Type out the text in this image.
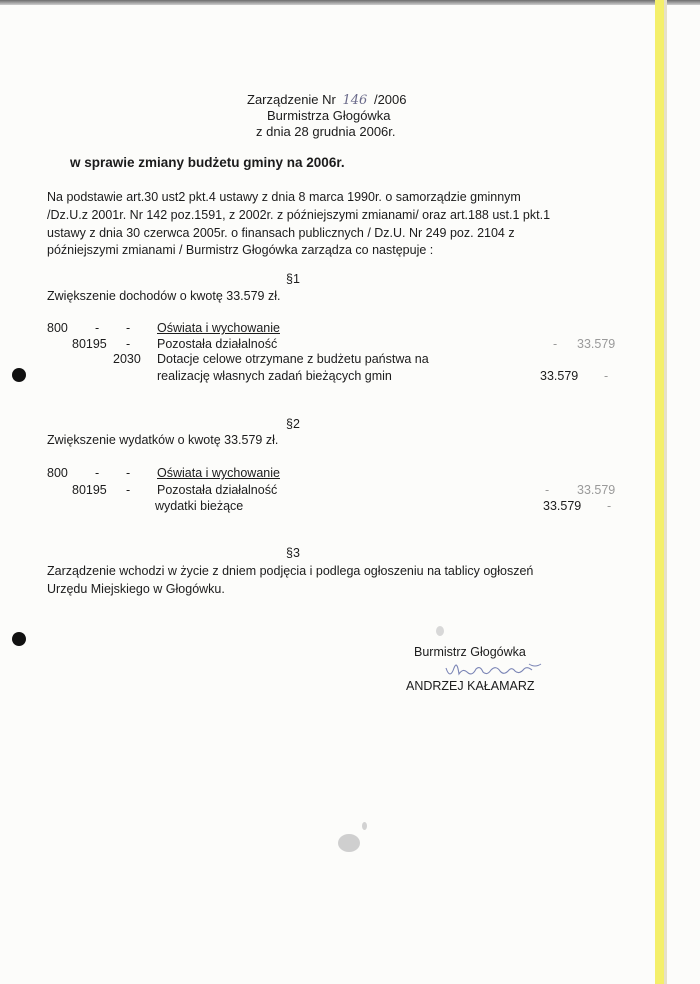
Zarządzenie Nr 146 /2006
Burmistrza Głogówka
z dnia 28 grudnia 2006r.
w sprawie zmiany budżetu gminy na 2006r.
Na podstawie art.30 ust2 pkt.4 ustawy z dnia 8 marca 1990r. o samorządzie gminnym
/Dz.U.z 2001r. Nr 142 poz.1591, z 2002r. z późniejszymi zmianami/ oraz art.188 ust.1 pkt.1
ustawy z dnia 30 czerwca 2005r. o finansach publicznych / Dz.U. Nr 249 poz. 2104 z
późniejszymi zmianami / Burmistrz Głogówka zarządza co następuje :
§1
Zwiększenie dochodów o kwotę 33.579 zł.
800 - - Oświata i wychowanie
80195 - Pozostała działalność	- 33.579
2030 Dotacje celowe otrzymane z budżetu państwa na
realizację własnych zadań bieżących gmin	33.579 -
§2
Zwiększenie wydatków o kwotę 33.579 zł.
800 - - Oświata i wychowanie
80195 - Pozostała działalność	- 33.579
wydatki bieżące	33.579 -
§3
Zarządzenie wchodzi w życie z dniem podjęcia i podlega ogłoszeniu na tablicy ogłoszeń
Urzędu Miejskiego w Głogówku.
Burmistrz Głogówka
ANDRZEJ KAŁAMARZ
